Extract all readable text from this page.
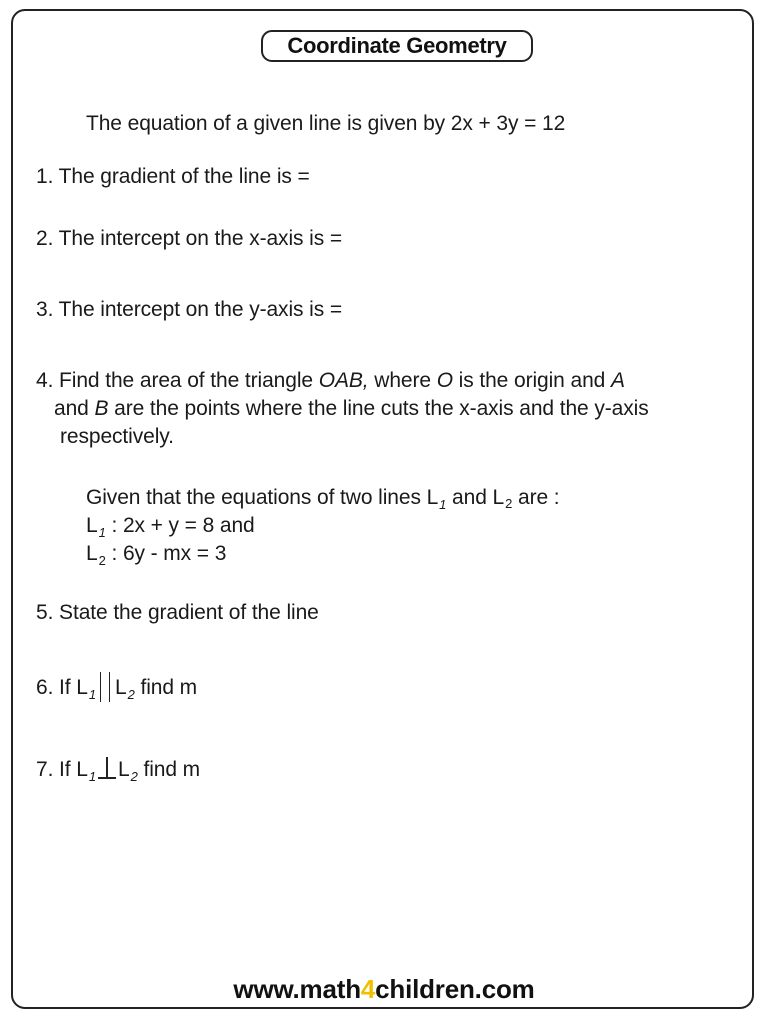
Coordinate Geometry
The equation of a given line is given by 2x + 3y = 12
1. The gradient of the line is =
2. The intercept on the x-axis is =
3. The intercept on the y-axis is =
4. Find the area of the triangle OAB, where O is the origin and A
and B are the points where the line cuts the x-axis and the y-axis
respectively.
Given that the equations of two lines $L_1$ and L2 are :
$L_1$ : 2x + y = 8 and
$L_2$ : 6y - mx = 3
5. State the gradient of the line
6. If $L_1$ $L_2$ find m
7. If $L_1$ $L_2$ find m
www.math4children.com
